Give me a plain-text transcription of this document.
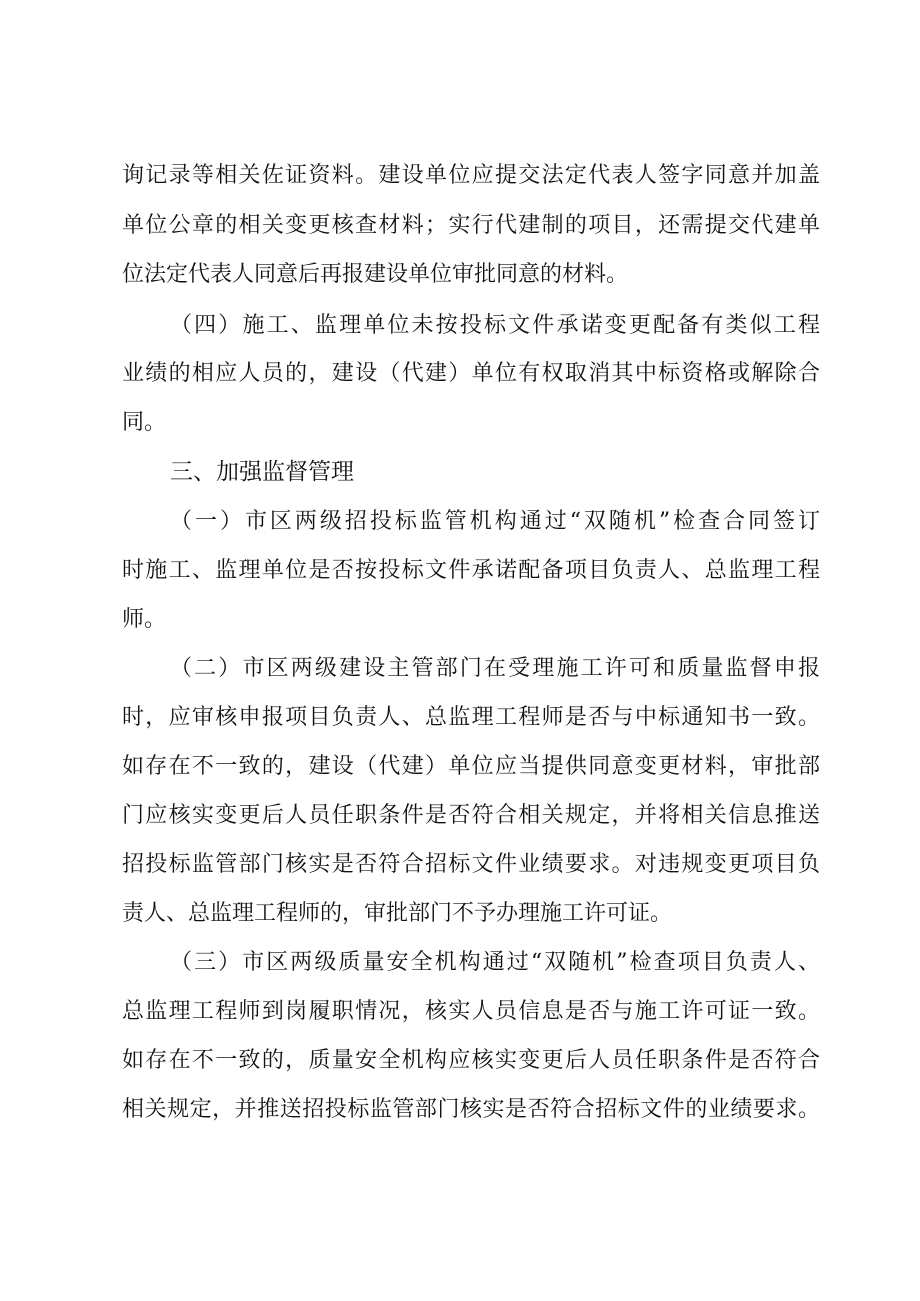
询记录等相关佐证资料。建设单位应提交法定代表人签字同意并加盖

单位公章的相关变更核查材料；实行代建制的项目，还需提交代建单

位法定代表人同意后再报建设单位审批同意的材料。

（四）施工、监理单位未按投标文件承诺变更配备有类似工程

业绩的相应人员的，建设（代建）单位有权取消其中标资格或解除合

同。

三、加强监督管理

（一）市区两级招投标监管机构通过“双随机”检查合同签订

时施工、监理单位是否按投标文件承诺配备项目负责人、总监理工程

师。

（二）市区两级建设主管部门在受理施工许可和质量监督申报

时，应审核申报项目负责人、总监理工程师是否与中标通知书一致。

如存在不一致的，建设（代建）单位应当提供同意变更材料，审批部

门应核实变更后人员任职条件是否符合相关规定，并将相关信息推送

招投标监管部门核实是否符合招标文件业绩要求。对违规变更项目负

责人、总监理工程师的，审批部门不予办理施工许可证。

（三）市区两级质量安全机构通过“双随机”检查项目负责人、

总监理工程师到岗履职情况，核实人员信息是否与施工许可证一致。

如存在不一致的，质量安全机构应核实变更后人员任职条件是否符合

相关规定，并推送招投标监管部门核实是否符合招标文件的业绩要求。
